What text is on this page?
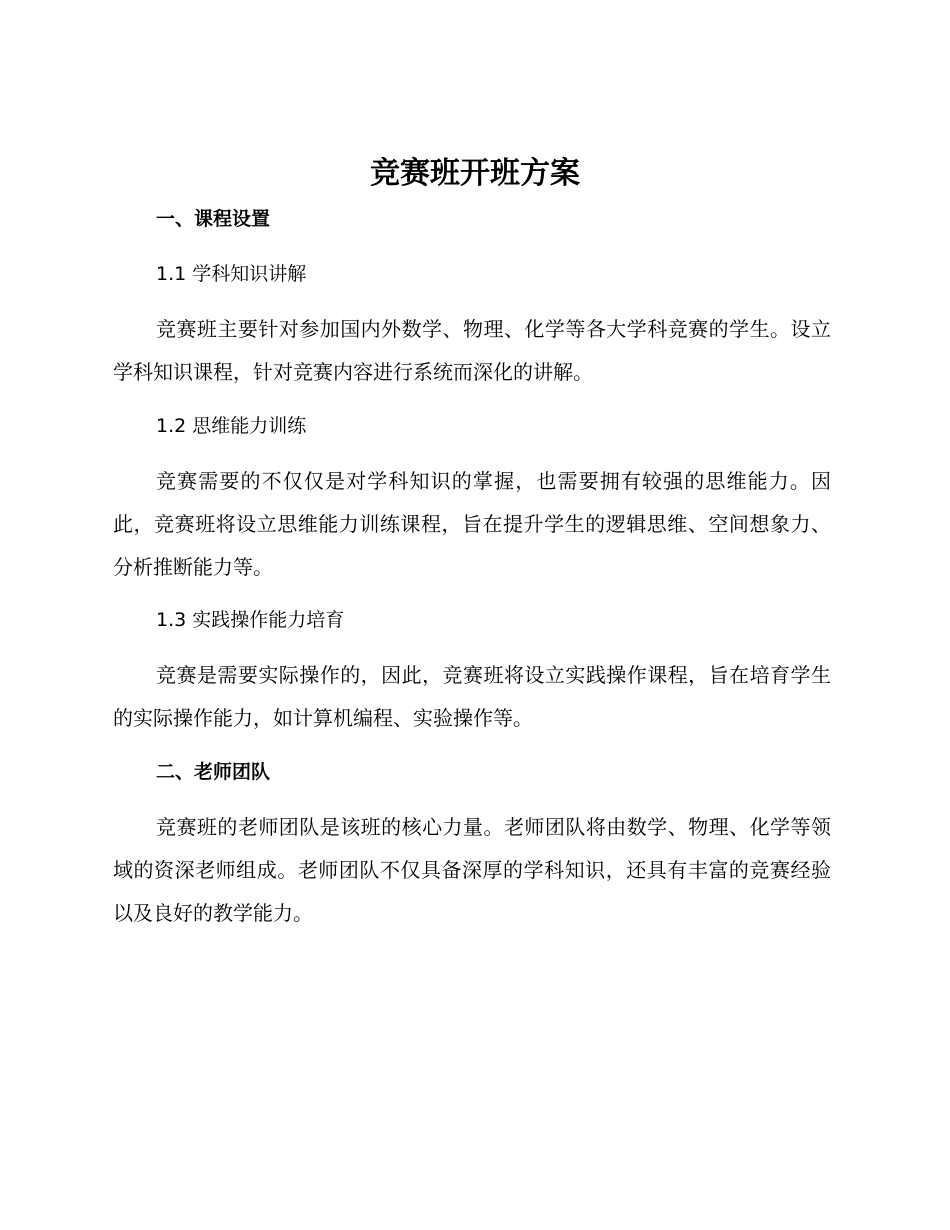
竞赛班开班方案
一、课程设置
1.1 学科知识讲解

竞赛班主要针对参加国内外数学、物理、化学等各大学科竞赛的学生。设立学科知识课程，针对竞赛内容进行系统而深化的讲解。

1.2 思维能力训练

竞赛需要的不仅仅是对学科知识的掌握，也需要拥有较强的思维能力。因此，竞赛班将设立思维能力训练课程，旨在提升学生的逻辑思维、空间想象力、分析推断能力等。

1.3 实践操作能力培育

竞赛是需要实际操作的，因此，竞赛班将设立实践操作课程，旨在培育学生的实际操作能力，如计算机编程、实验操作等。

二、老师团队

竞赛班的老师团队是该班的核心力量。老师团队将由数学、物理、化学等领域的资深老师组成。老师团队不仅具备深厚的学科知识，还具有丰富的竞赛经验以及良好的教学能力。
